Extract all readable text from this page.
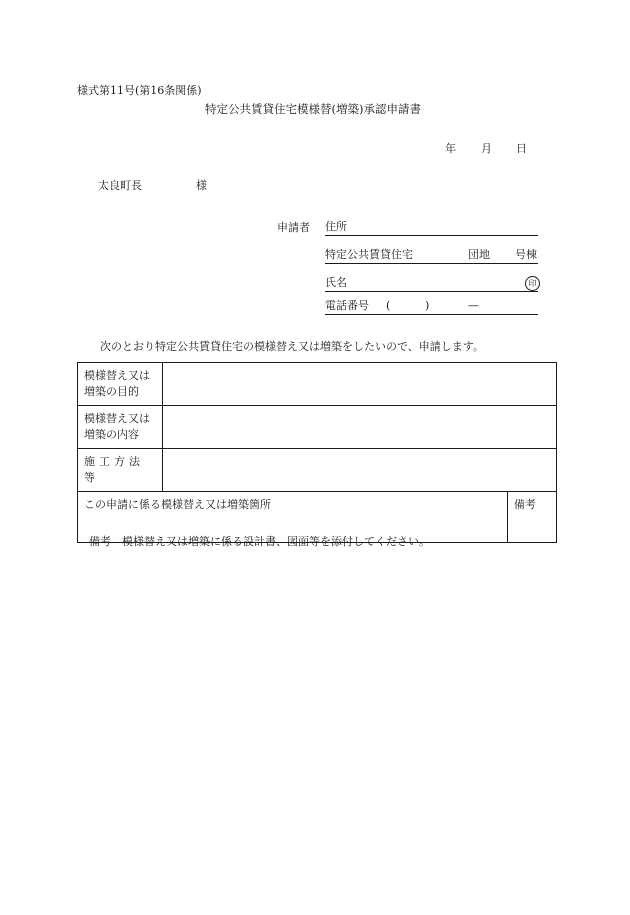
様式第11号(第16条関係)
特定公共賃貸住宅模様替(増築)承認申請書
年 月 日
太良町長	様
申請者 住所
特定公共賃貸住宅	団地 号棟
氏名	印
電話番号 (	)	—
次のとおり特定公共賃貸住宅の模様替え又は増築をしたいので、申請します。
模様替え又は
増築の目的		

模様替え又は
増築の内容		

施工方法等		

この申請に係る模様替え又は増築箇所		備考
備考　模様替え又は増築に係る設計書、図面等を添付してください。
